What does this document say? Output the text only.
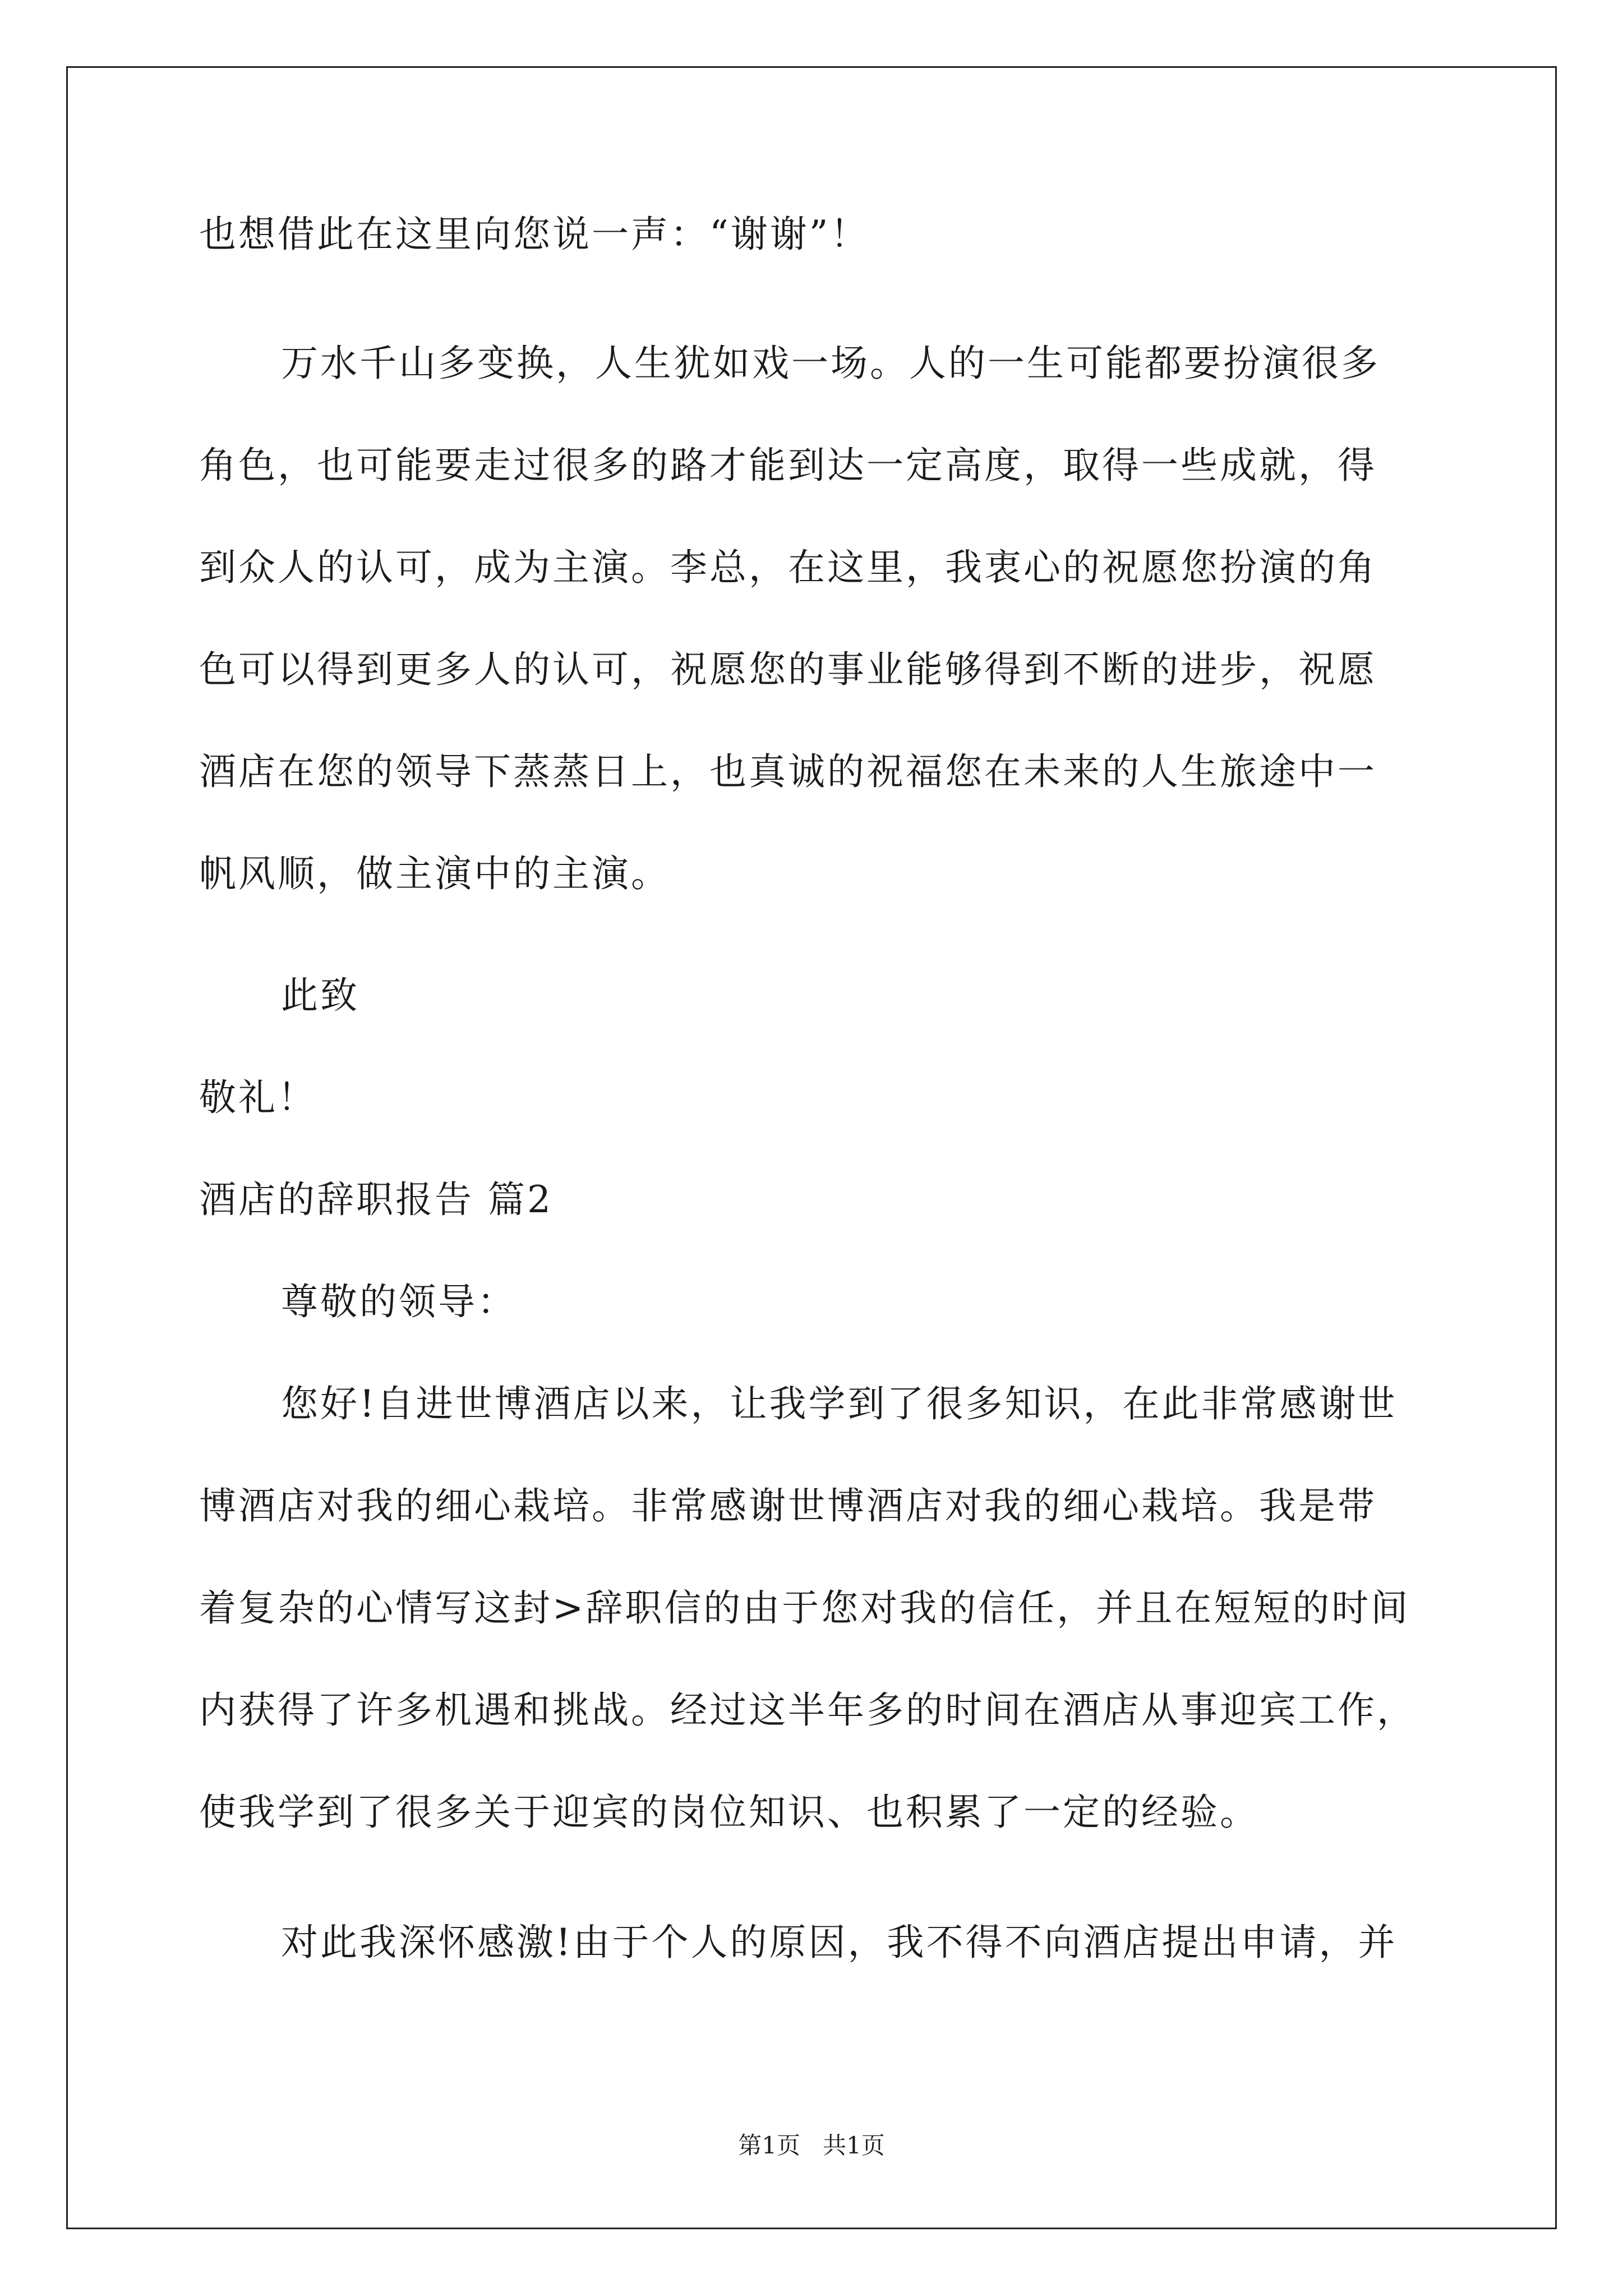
也想借此在这里向您说一声：“谢谢”！
万水千山多变换，人生犹如戏一场。人的一生可能都要扮演很多
角色，也可能要走过很多的路才能到达一定高度，取得一些成就，得
到众人的认可，成为主演。李总，在这里，我衷心的祝愿您扮演的角
色可以得到更多人的认可，祝愿您的事业能够得到不断的进步，祝愿
酒店在您的领导下蒸蒸日上，也真诚的祝福您在未来的人生旅途中一
帆风顺，做主演中的主演。
此致
敬礼！
酒店的辞职报告 篇2
尊敬的领导：
您好!自进世博酒店以来，让我学到了很多知识，在此非常感谢世
博酒店对我的细心栽培。非常感谢世博酒店对我的细心栽培。我是带
着复杂的心情写这封>辞职信的由于您对我的信任，并且在短短的时间
内获得了许多机遇和挑战。经过这半年多的时间在酒店从事迎宾工作，
使我学到了很多关于迎宾的岗位知识、也积累了一定的经验。
对此我深怀感激!由于个人的原因，我不得不向酒店提出申请，并
第1页   共1页
